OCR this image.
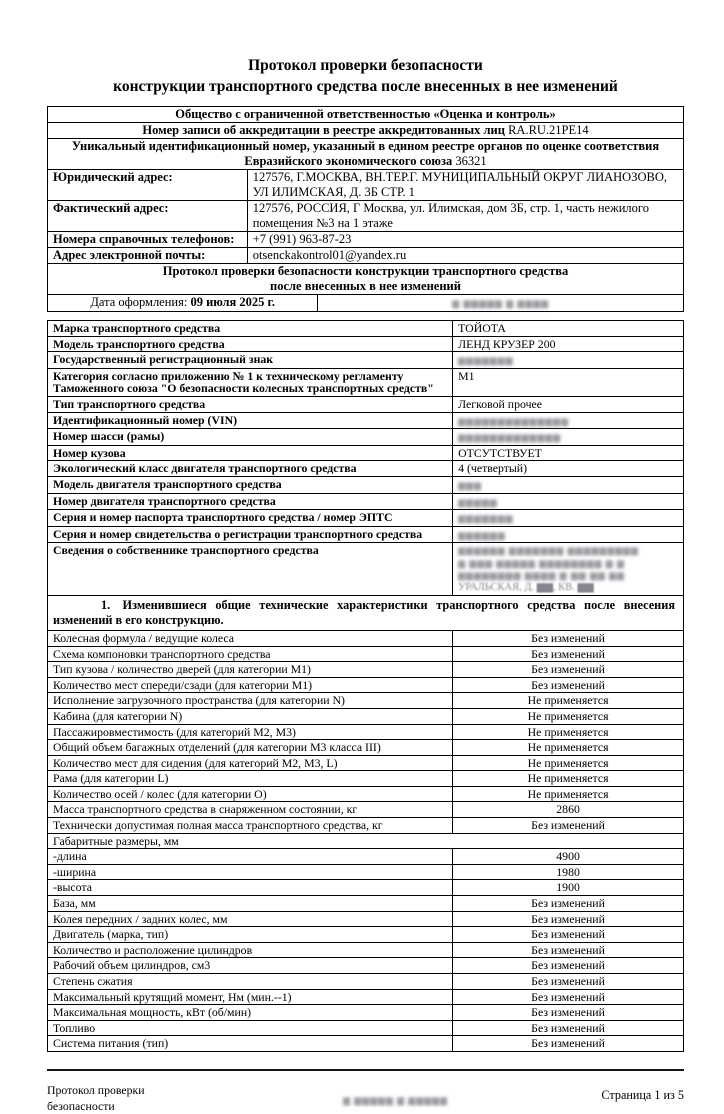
Протокол проверки безопасности
конструкции транспортного средства после внесенных в нее изменений
Общество с ограниченной ответственностью «Оценка и контроль»	
Номер записи об аккредитации в реестре аккредитованных лиц RA.RU.21PE14	
Уникальный идентификационный номер, указанный в едином реестре органов по оценке соответствия Евразийского экономического союза 36321	
Юридический адрес:	127576, Г.МОСКВА, ВН.ТЕР.Г. МУНИЦИПАЛЬНЫЙ ОКРУГ ЛИАНОЗОВО, УЛ ИЛИМСКАЯ, Д. 3Б СТР. 1
Фактический адрес:	127576, РОССИЯ, Г Москва, ул. Илимская, дом 3Б, стр. 1, часть нежилого помещения №3 на 1 этаже
Номера справочных телефонов:	+7 (991) 963-87-23
Адрес электронной почты:	otsenckakontrol01@yandex.ru
Протокол проверки безопасности конструкции транспортного средства
после внесенных в нее изменений

Дата оформления: 09 июля 2025 г.	▆ ▆▆▆▆▆ ▆ ▆▆▆▆
Марка транспортного средства	ТОЙОТА
Модель транспортного средства	ЛЕНД КРУЗЕР 200
Государственный регистрационный знак	▆▆▆▆▆▆▆
Категория согласно приложению № 1 к техническому регламенту Таможенного союза "О безопасности колесных транспортных средств"	M1
Тип транспортного средства	Легковой прочее
Идентификационный номер (VIN)	▆▆▆▆▆▆▆▆▆▆▆▆▆▆
Номер шасси (рамы)	▆▆▆▆▆▆▆▆▆▆▆▆▆
Номер кузова	ОТСУТСТВУЕТ
Экологический класс двигателя транспортного средства	4 (четвертый)
Модель двигателя транспортного средства	▆▆▆
Номер двигателя транспортного средства	▆▆▆▆▆
Серия и номер паспорта транспортного средства / номер ЭПТС	▆▆▆▆▆▆▆
Серия и номер свидетельства о регистрации транспортного средства	▆▆▆▆▆▆
Сведения о собственнике транспортного средства	▆▆▆▆▆▆ ▆▆▆▆▆▆▆ ▆▆▆▆▆▆▆▆▆
▆ ▆▆▆ ▆▆▆▆▆ ▆▆▆▆▆▆▆▆ ▆ ▆
▆▆▆▆▆▆▆▆ ▆▆▆▆ ▆ ▆▆ ▆▆ ▆▆
УРАЛЬСКАЯ, Д. ▆▆, КВ. ▆▆

1. Изменившиеся общие технические характеристики транспортного средства после внесения изменений в его конструкцию.	
Колесная формула / ведущие колеса	Без изменений
Схема компоновки транспортного средства	Без изменений
Тип кузова / количество дверей (для категории M1)	Без изменений
Количество мест спереди/сзади (для категории M1)	Без изменений
Исполнение загрузочного пространства (для категории N)	Не применяется
Кабина (для категории N)	Не применяется
Пассажировместимость (для категорий M2, M3)	Не применяется
Общий объем багажных отделений (для категории M3 класса III)	Не применяется
Количество мест для сидения (для категорий M2, M3, L)	Не применяется
Рама (для категории L)	Не применяется
Количество осей / колес (для категории O)	Не применяется
Масса транспортного средства в снаряженном состоянии, кг	2860
Технически допустимая полная масса транспортного средства, кг	Без изменений
Габаритные размеры, мм	
-длина	4900
-ширина	1980
-высота	1900
База, мм	Без изменений
Колея передних / задних колес, мм	Без изменений
Двигатель (марка, тип)	Без изменений
Количество и расположение цилиндров	Без изменений
Рабочий объем цилиндров, см3	Без изменений
Степень сжатия	Без изменений
Максимальный крутящий момент, Нм (мин.--1)	Без изменений
Максимальная мощность, кВт (об/мин)	Без изменений
Топливо	Без изменений
Система питания (тип)	Без изменений
Протокол проверки
безопасности	▆ ▆▆▆▆▆ ▆ ▆▆▆▆▆	Страница 1 из 5
